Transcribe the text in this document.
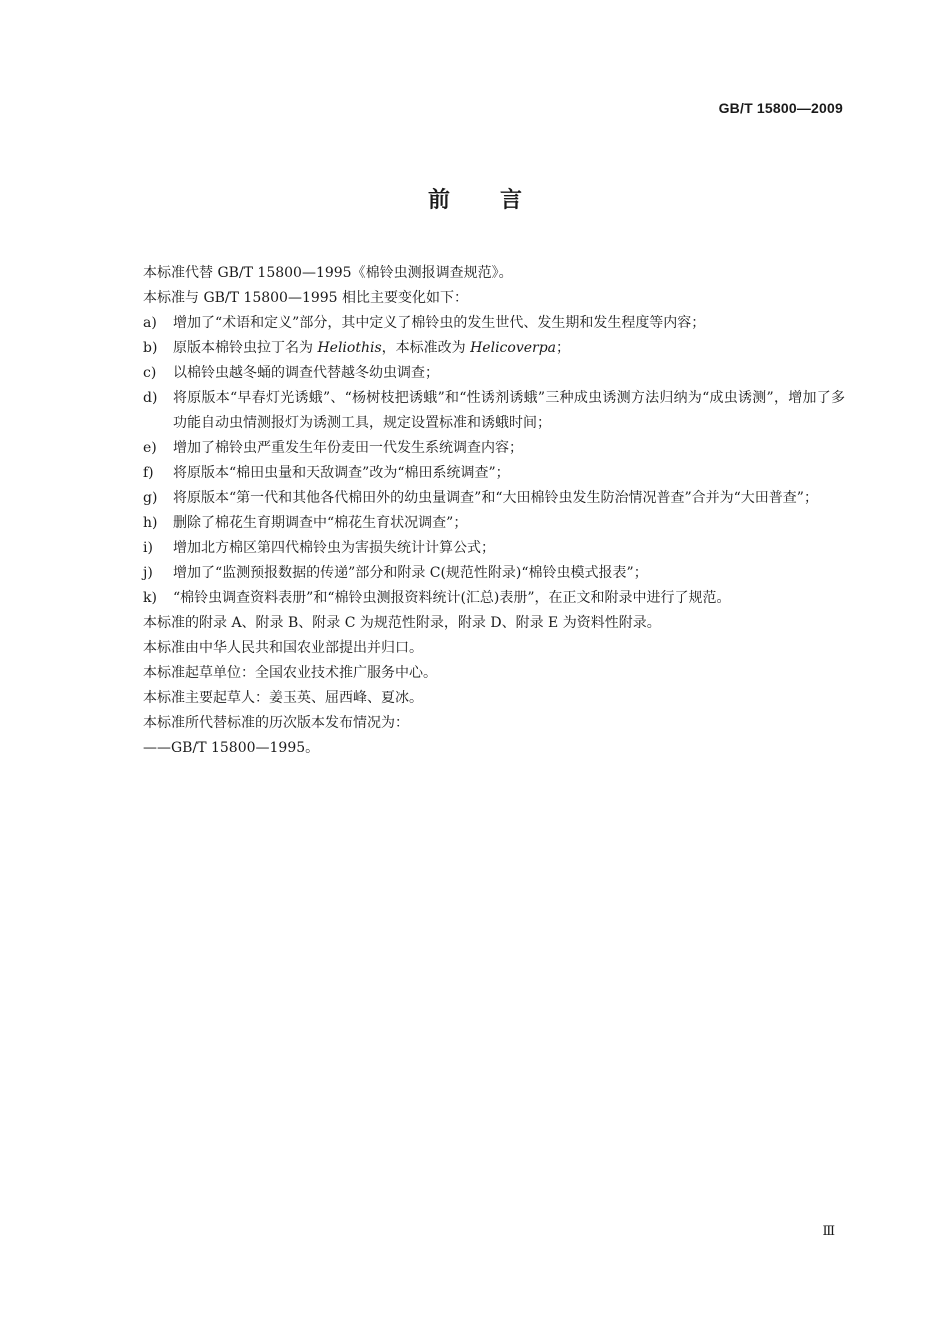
GB/T 15800—2009
前言
本标准代替 GB/T 15800—1995《棉铃虫测报调查规范》。
本标准与 GB/T 15800—1995 相比主要变化如下：
a)	增加了“术语和定义”部分，其中定义了棉铃虫的发生世代、发生期和发生程度等内容；
b)	原版本棉铃虫拉丁名为 Heliothis，本标准改为 Helicoverpa；
c)	以棉铃虫越冬蛹的调查代替越冬幼虫调查；
d)	将原版本“早春灯光诱蛾”、“杨树枝把诱蛾”和“性诱剂诱蛾”三种成虫诱测方法归纳为“成虫诱测”，增加了多功能自动虫情测报灯为诱测工具，规定设置标准和诱蛾时间；
e)	增加了棉铃虫严重发生年份麦田一代发生系统调查内容；
f)	将原版本“棉田虫量和天敌调查”改为“棉田系统调查”；
g)	将原版本“第一代和其他各代棉田外的幼虫量调查”和“大田棉铃虫发生防治情况普查”合并为“大田普查”；
h)	删除了棉花生育期调查中“棉花生育状况调查”；
i)	增加北方棉区第四代棉铃虫为害损失统计计算公式；
j)	增加了“监测预报数据的传递”部分和附录 C(规范性附录)“棉铃虫模式报表”；
k)	“棉铃虫调查资料表册”和“棉铃虫测报资料统计(汇总)表册”，在正文和附录中进行了规范。
本标准的附录 A、附录 B、附录 C 为规范性附录，附录 D、附录 E 为资料性附录。
本标准由中华人民共和国农业部提出并归口。
本标准起草单位：全国农业技术推广服务中心。
本标准主要起草人：姜玉英、屈西峰、夏冰。
本标准所代替标准的历次版本发布情况为：
——GB/T 15800—1995。
Ⅲ
